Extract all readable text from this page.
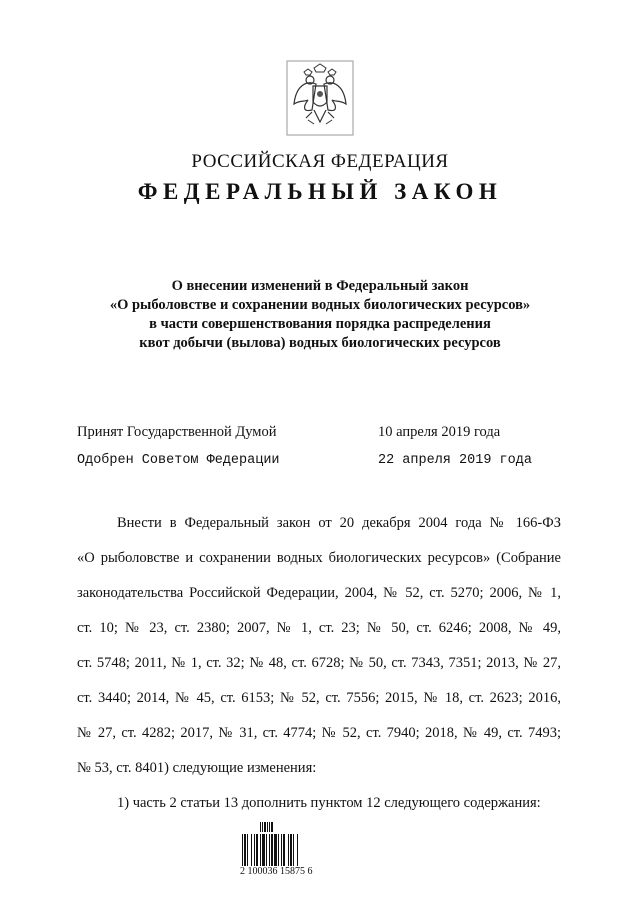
РОССИЙСКАЯ ФЕДЕРАЦИЯ
ФЕДЕРАЛЬНЫЙ ЗАКОН
О внесении изменений в Федеральный закон
«О рыболовстве и сохранении водных биологических ресурсов»
в части совершенствования порядка распределения
квот добычи (вылова) водных биологических ресурсов
Принят Государственной Думой	10 апреля 2019 года
Одобрен Советом Федерации	22 апреля 2019 года
Внести в Федеральный закон от 20 декабря 2004 года № 166-ФЗ
«О рыболовстве и сохранении водных биологических ресурсов» (Собрание
законодательства Российской Федерации, 2004, № 52, ст. 5270; 2006, № 1,
ст. 10; № 23, ст. 2380; 2007, № 1, ст. 23; № 50, ст. 6246; 2008, № 49,
ст. 5748; 2011, № 1, ст. 32; № 48, ст. 6728; № 50, ст. 7343, 7351; 2013, № 27,
ст. 3440; 2014, № 45, ст. 6153; № 52, ст. 7556; 2015, № 18, ст. 2623; 2016,
№ 27, ст. 4282; 2017, № 31, ст. 4774; № 52, ст. 7940; 2018, № 49, ст. 7493;
№ 53, ст. 8401) следующие изменения:
1) часть 2 статьи 13 дополнить пунктом 12 следующего содержания:
2 100036 15875 6
